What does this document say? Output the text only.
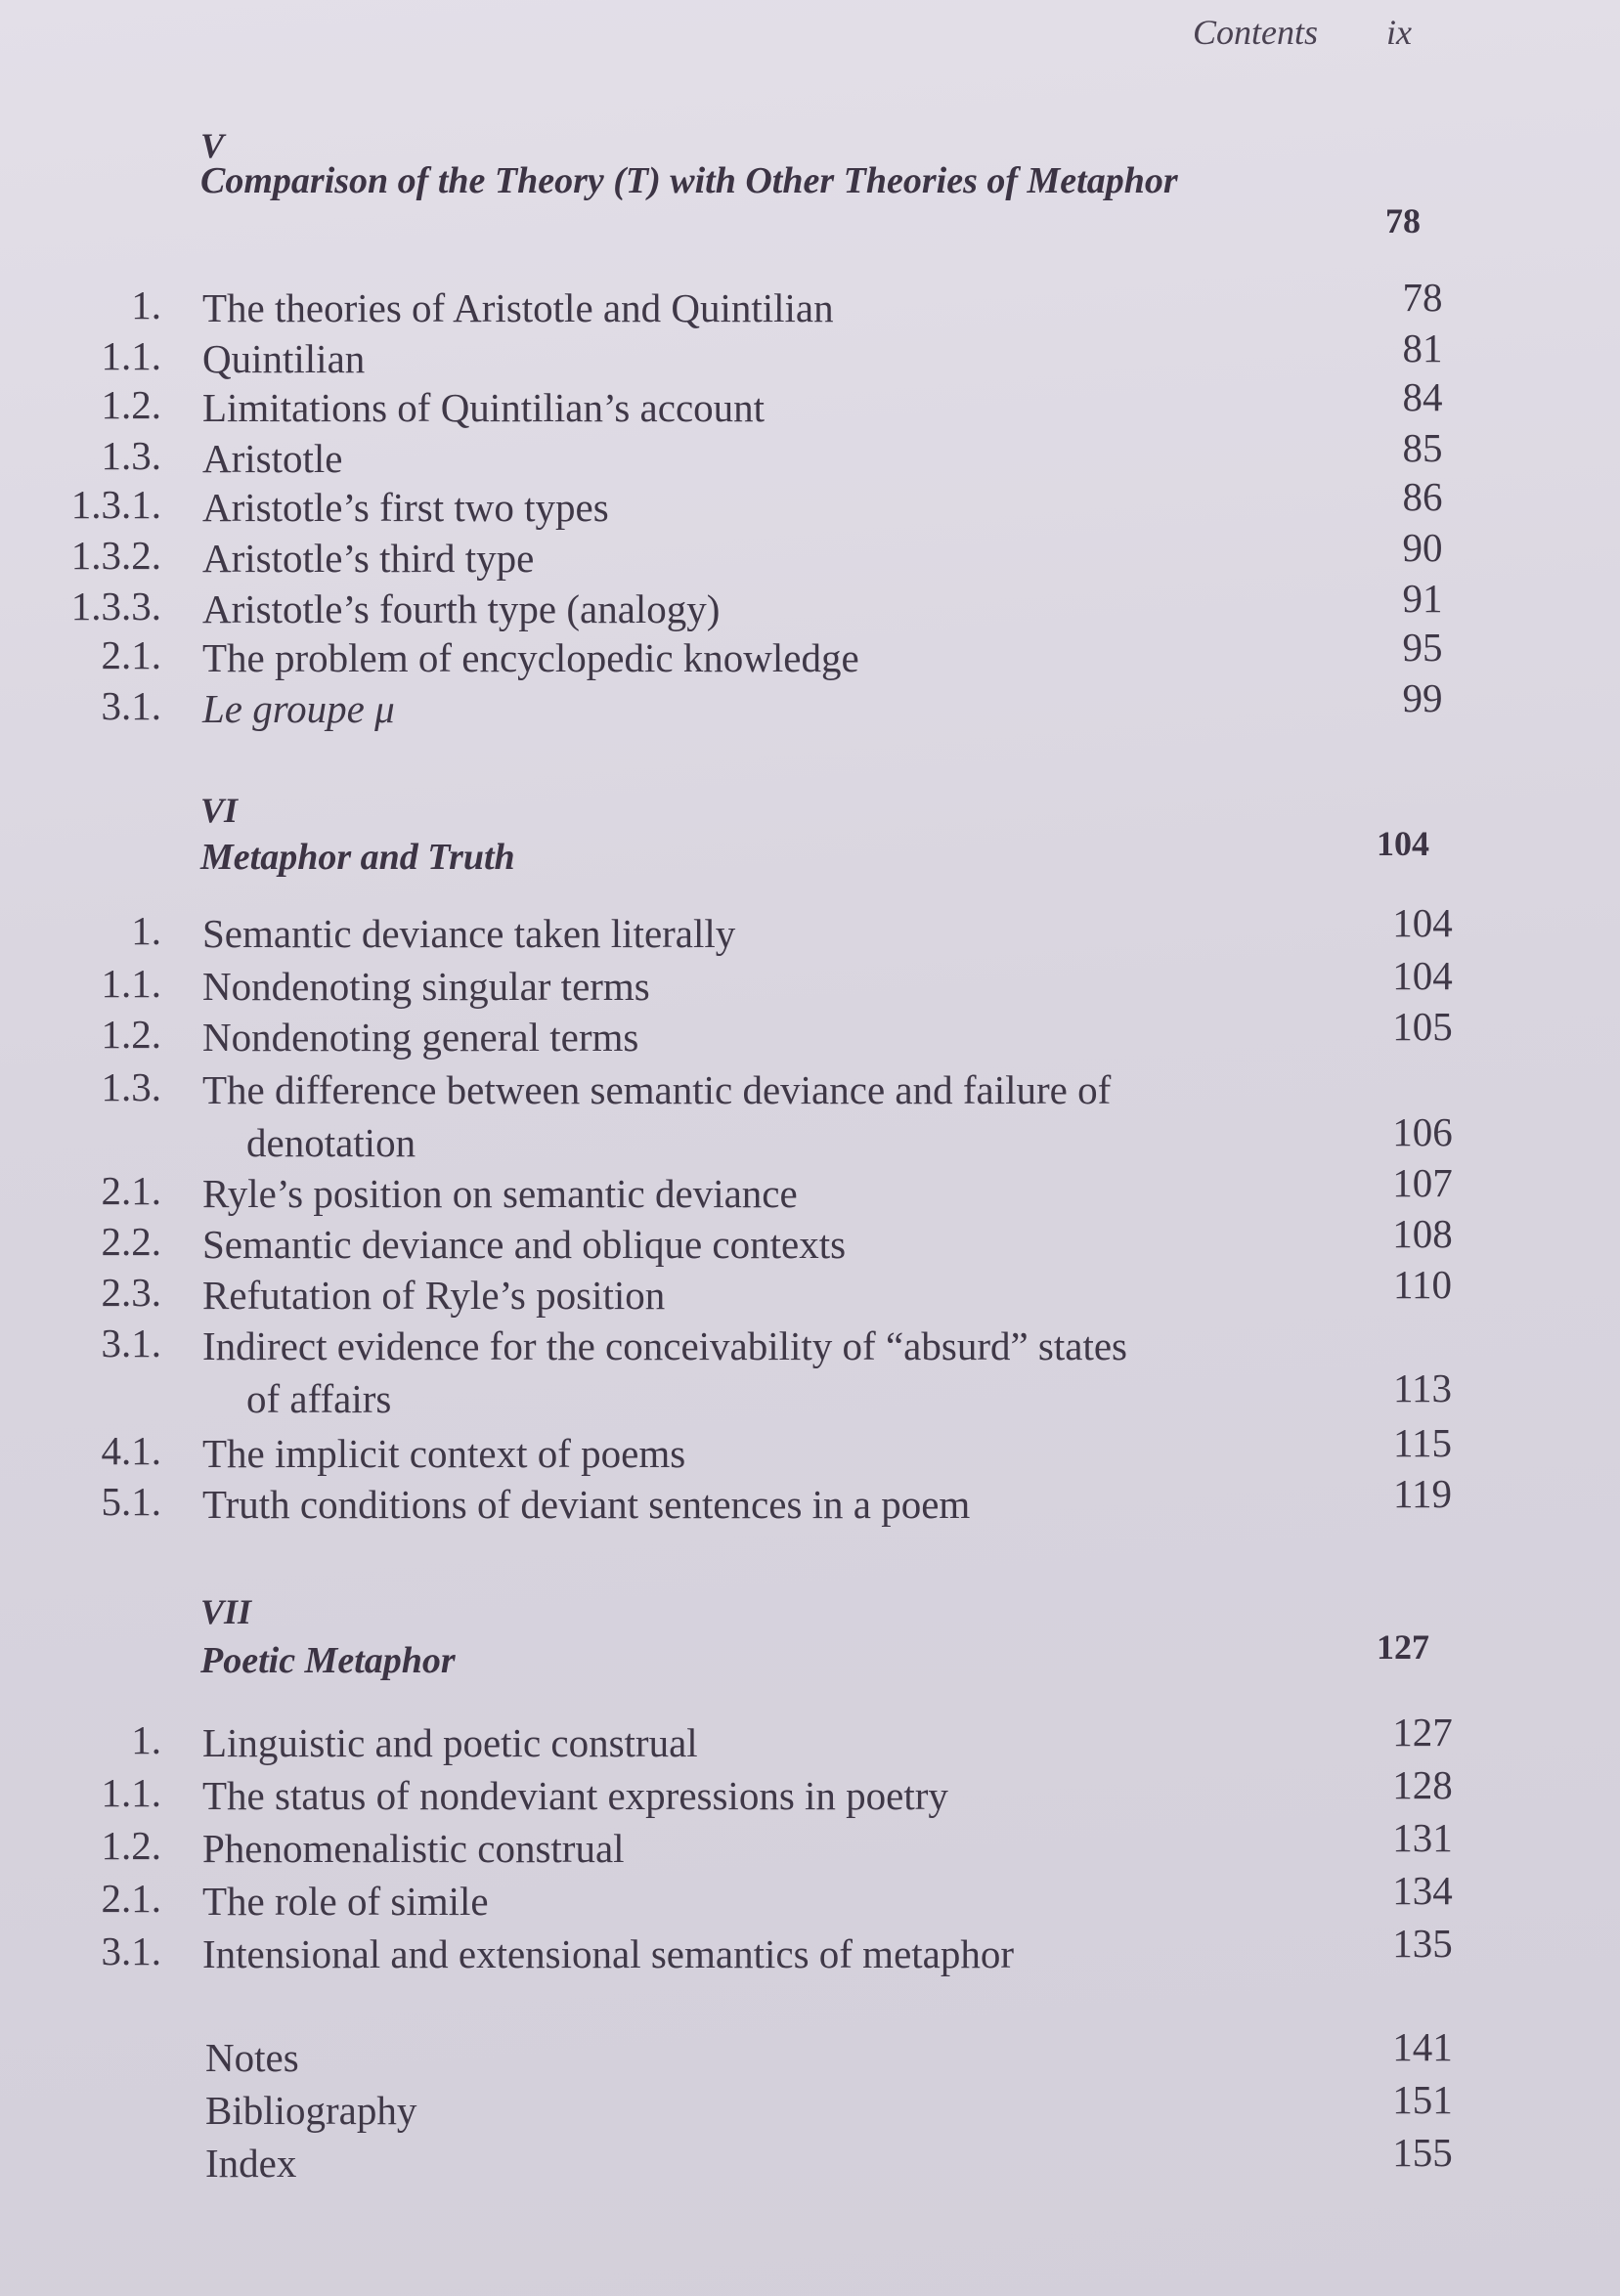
Contents ix
V
Comparison of the Theory (T) with Other Theories of Metaphor
78
1. The theories of Aristotle and Quintilian	78
1.1. Quintilian	81
1.2. Limitations of Quintilian’s account	84
1.3. Aristotle	85
1.3.1. Aristotle’s first two types	86
1.3.2. Aristotle’s third type	90
1.3.3. Aristotle’s fourth type (analogy)	91
2.1. The problem of encyclopedic knowledge	95
3.1. Le groupe μ	99
VI
Metaphor and Truth	104
1. Semantic deviance taken literally	104
1.1. Nondenoting singular terms	104
1.2. Nondenoting general terms	105
1.3. The difference between semantic deviance and failure of
denotation	106
2.1. Ryle’s position on semantic deviance	107
2.2. Semantic deviance and oblique contexts	108
2.3. Refutation of Ryle’s position	110
3.1. Indirect evidence for the conceivability of “absurd” states
of affairs	113
4.1. The implicit context of poems	115
5.1. Truth conditions of deviant sentences in a poem	119
VII
Poetic Metaphor	127
1. Linguistic and poetic construal	127
1.1. The status of nondeviant expressions in poetry	128
1.2. Phenomenalistic construal	131
2.1. The role of simile	134
3.1. Intensional and extensional semantics of metaphor	135
Notes	141
Bibliography	151
Index	155
